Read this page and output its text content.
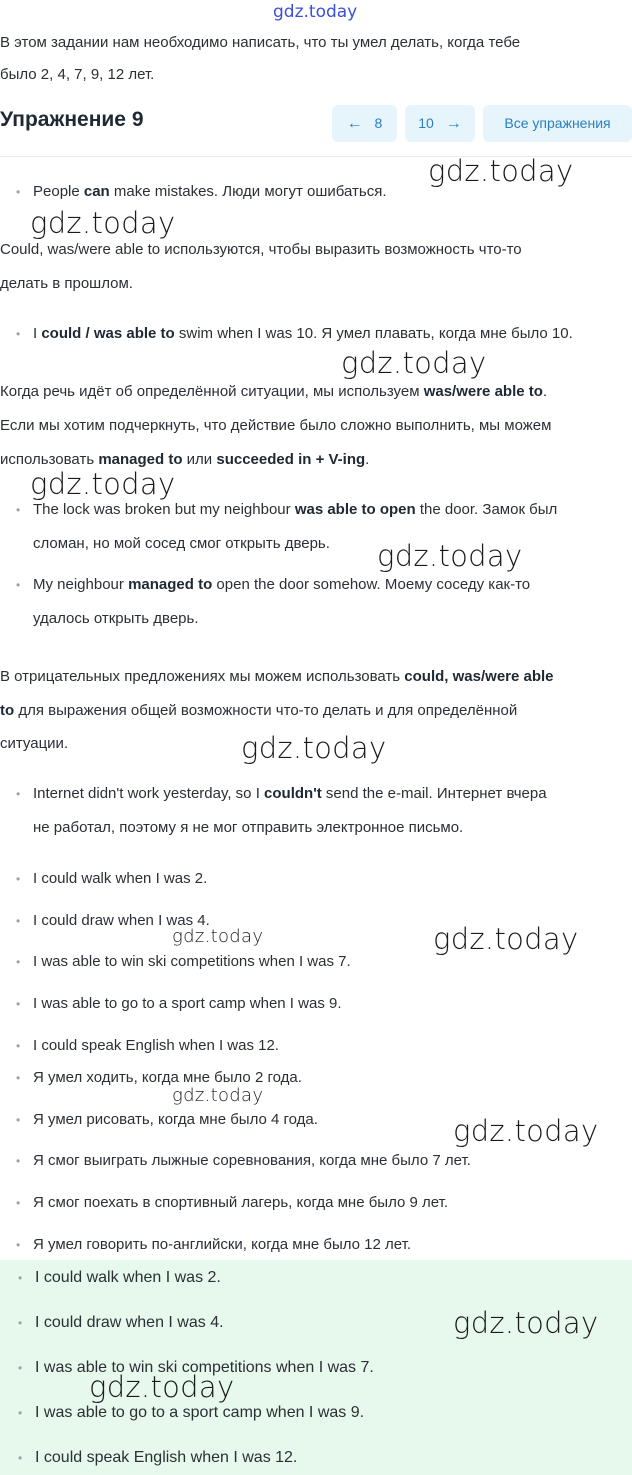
gdz.today
В этом задании нам необходимо написать, что ты умел делать, когда тебе
было 2, 4, 7, 9, 12 лет.
Упражнение 9	← 8	10 →	Все упражнения
• People can make mistakes. Люди могут ошибаться.
Could, was/were able to используются, чтобы выразить возможность что-то
делать в прошлом.
• I could / was able to swim when I was 10. Я умел плавать, когда мне было 10.
Когда речь идёт об определённой ситуации, мы используем was/were able to.
Если мы хотим подчеркнуть, что действие было сложно выполнить, мы можем
использовать managed to или succeeded in + V-ing.
• The lock was broken but my neighbour was able to open the door. Замок был
сломан, но мой сосед смог открыть дверь.
• My neighbour managed to open the door somehow. Моему соседу как-то
удалось открыть дверь.
В отрицательных предложениях мы можем использовать could, was/were able
to для выражения общей возможности что-то делать и для определённой
ситуации.
• Internet didn't work yesterday, so I couldn't send the e-mail. Интернет вчера
не работал, поэтому я не мог отправить электронное письмо.
• I could walk when I was 2.
• I could draw when I was 4.
• I was able to win ski competitions when I was 7.
• I was able to go to a sport camp when I was 9.
• I could speak English when I was 12.
• Я умел ходить, когда мне было 2 года.
• Я умел рисовать, когда мне было 4 года.
• Я смог выиграть лыжные соревнования, когда мне было 7 лет.
• Я смог поехать в спортивный лагерь, когда мне было 9 лет.
• Я умел говорить по-английски, когда мне было 12 лет.
• I could walk when I was 2.
• I could draw when I was 4.
• I was able to win ski competitions when I was 7.
• I was able to go to a sport camp when I was 9.
• I could speak English when I was 12.
gdz.today
gdz.today
gdz.today
gdz.today
gdz.today
gdz.today
gdz.today	gdz.today
gdz.today
gdz.today
gdz.today
gdz.today
